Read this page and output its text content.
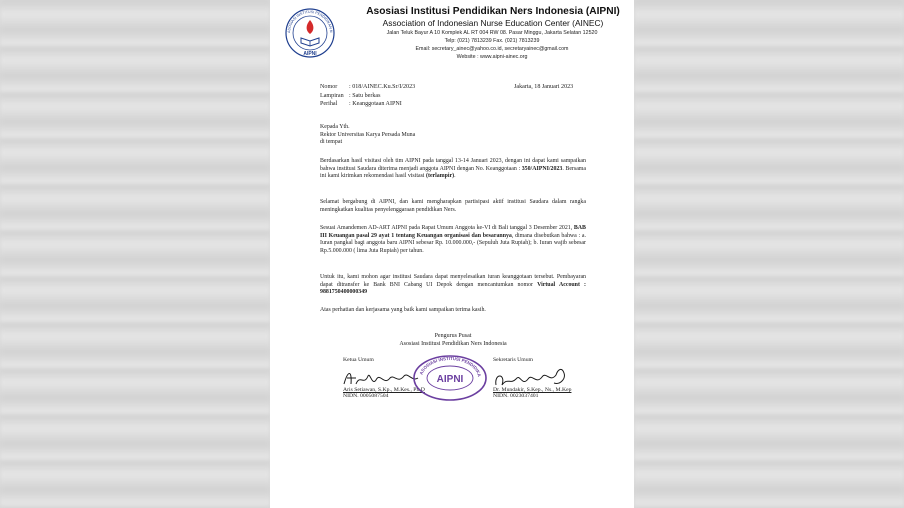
ASOSIASI INSTITUSI PENDIDIKAN N
AIPNI
Asosiasi Institusi Pendidikan Ners Indonesia (AIPNI)
Association of Indonesian Nurse Education Center (AINEC)
Jalan Teluk Bayur A 10 Komplek AL RT 004 RW 08. Pasar Minggu, Jakarta Selatan 12520
Telp: (021) 7813239 Fax. (021) 7813239
Email: secretary_ainec@yahoo.co.id, secretaryainec@gmail.com
Website : www.aipni-ainec.org
Nomor	: 018/AINEC.Ku.Sr/I/2023
Lampiran : Satu berkas
Perihal	: Keanggotaan AIPNI
Jakarta, 18 Januari 2023
Kepada Yth.
Rektor Universitas Karya Persada Muna
di tempat
Berdasarkan hasil visitasi oleh tim AIPNI pada tanggal 13-14 Januari 2023, dengan ini dapat kami sampaikan bahwa institusi Saudara diterima menjadi anggota AIPNI dengan No. Keanggotaan : 350/AIPNI/2023. Bersama ini kami kirimkan rekomendasi hasil visitasi (terlampir).
Selamat bergabung di AIPNI, dan kami mengharapkan partisipasi aktif institusi Saudara dalam rangka meningkatkan kualitas penyelenggaraan pendidikan Ners.
Sesuai Amandemen AD-ART AIPNI pada Rapat Umum Anggota ke-VI di Bali tanggal 3 Desember 2021, BAB III Keuangan pasal 29 ayat 1 tentang Keuangan organisasi dan besarannya, dimana disebutkan bahwa : a. Iuran pangkal bagi anggota baru AIPNI sebesar Rp. 10.000.000,- (Sepuluh Juta Rupiah); b. Iuran wajib sebesar Rp.5.000.000 ( lima Juta Rupiah) per tahun.
Untuk itu, kami mohon agar institusi Saudara dapat menyelesaikan iuran keanggotaan tersebut. Pembayaran dapat ditransfer ke Bank BNI Cabang UI Depok dengan mencantumkan nomor Virtual Account : 9881750400000349
Atas perhatian dan kerjasama yang baik kami sampaikan terima kasih.
Pengurus Pusat
Asosiasi Institusi Pendidikan Ners Indonesia
Ketua Umum
Aris Setiawan, S.Kp., M.Kes., Ph.D
NIDN. 0005087504
Sekretaris Umum
Dr. Mundakir, S.Kep., Ns., M.Kep
NIDN. 0023037401
ASOSIASI INSTITUSI PENDIDIKA
AIPNI
